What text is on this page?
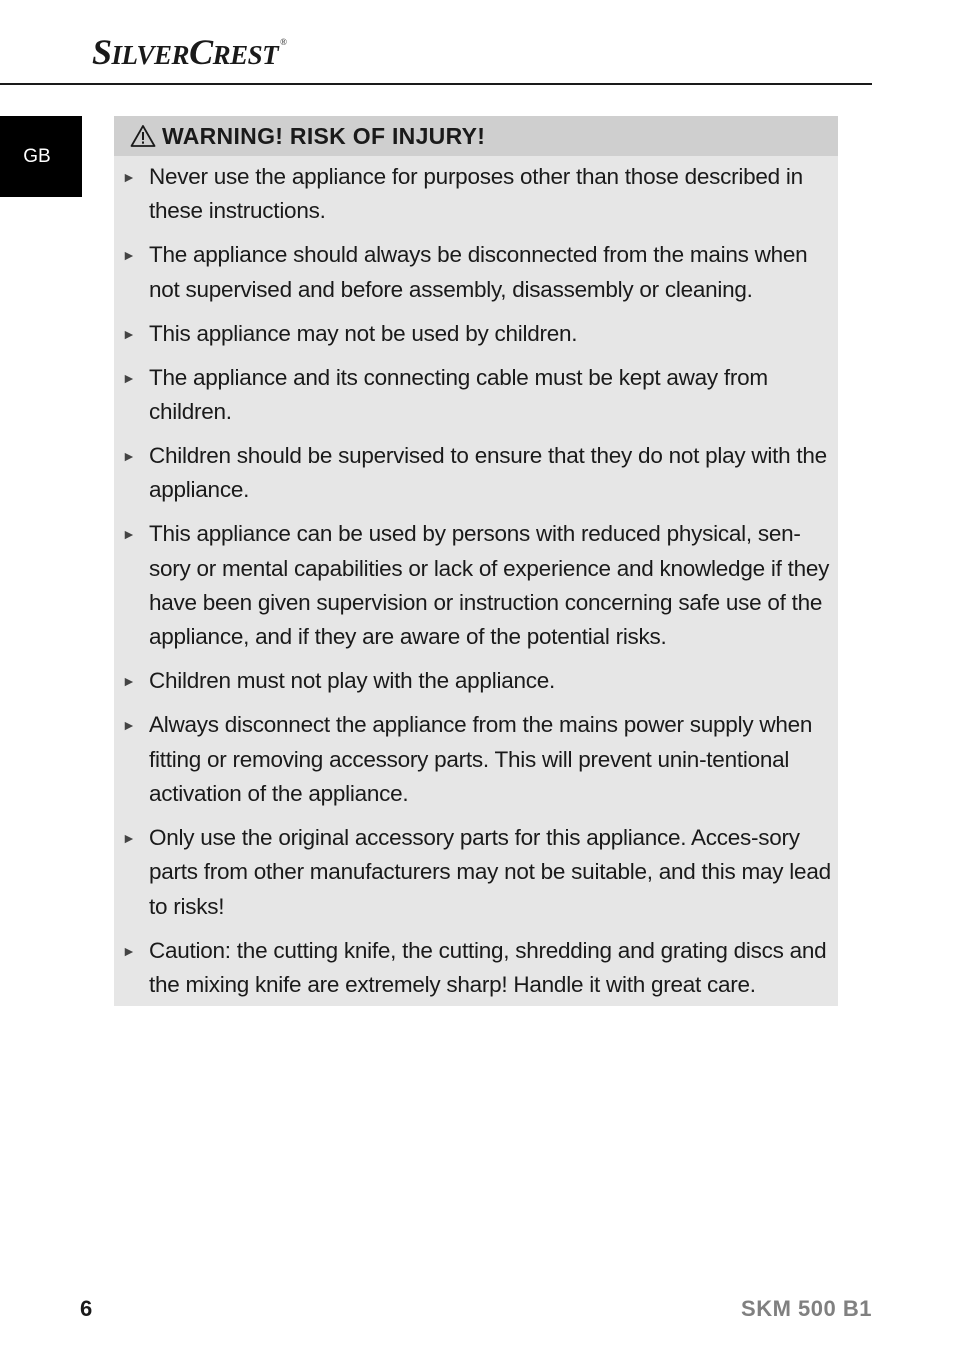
SILVERCREST ®
GB
WARNING! RISK OF INJURY!
► Never use the appliance for purposes other than those described in these instructions.
► The appliance should always be disconnected from the mains when not supervised and before assembly, disassembly or cleaning.
► This appliance may not be used by children.
► The appliance and its connecting cable must be kept away from children.
► Children should be supervised to ensure that they do not play with the appliance.
► This appliance can be used by persons with reduced physical, sen-sory or mental capabilities or lack of experience and knowledge if they have been given supervision or instruction concerning safe use of the appliance, and if they are aware of the potential risks.
► Children must not play with the appliance.
► Always disconnect the appliance from the mains power supply when fitting or removing accessory parts. This will prevent unin-tentional activation of the appliance.
► Only use the original accessory parts for this appliance. Acces-sory parts from other manufacturers may not be suitable, and this may lead to risks!
► Caution: the cutting knife, the cutting, shredding and grating discs and the mixing knife are extremely sharp! Handle it with great care.
6	SKM 500 B1
